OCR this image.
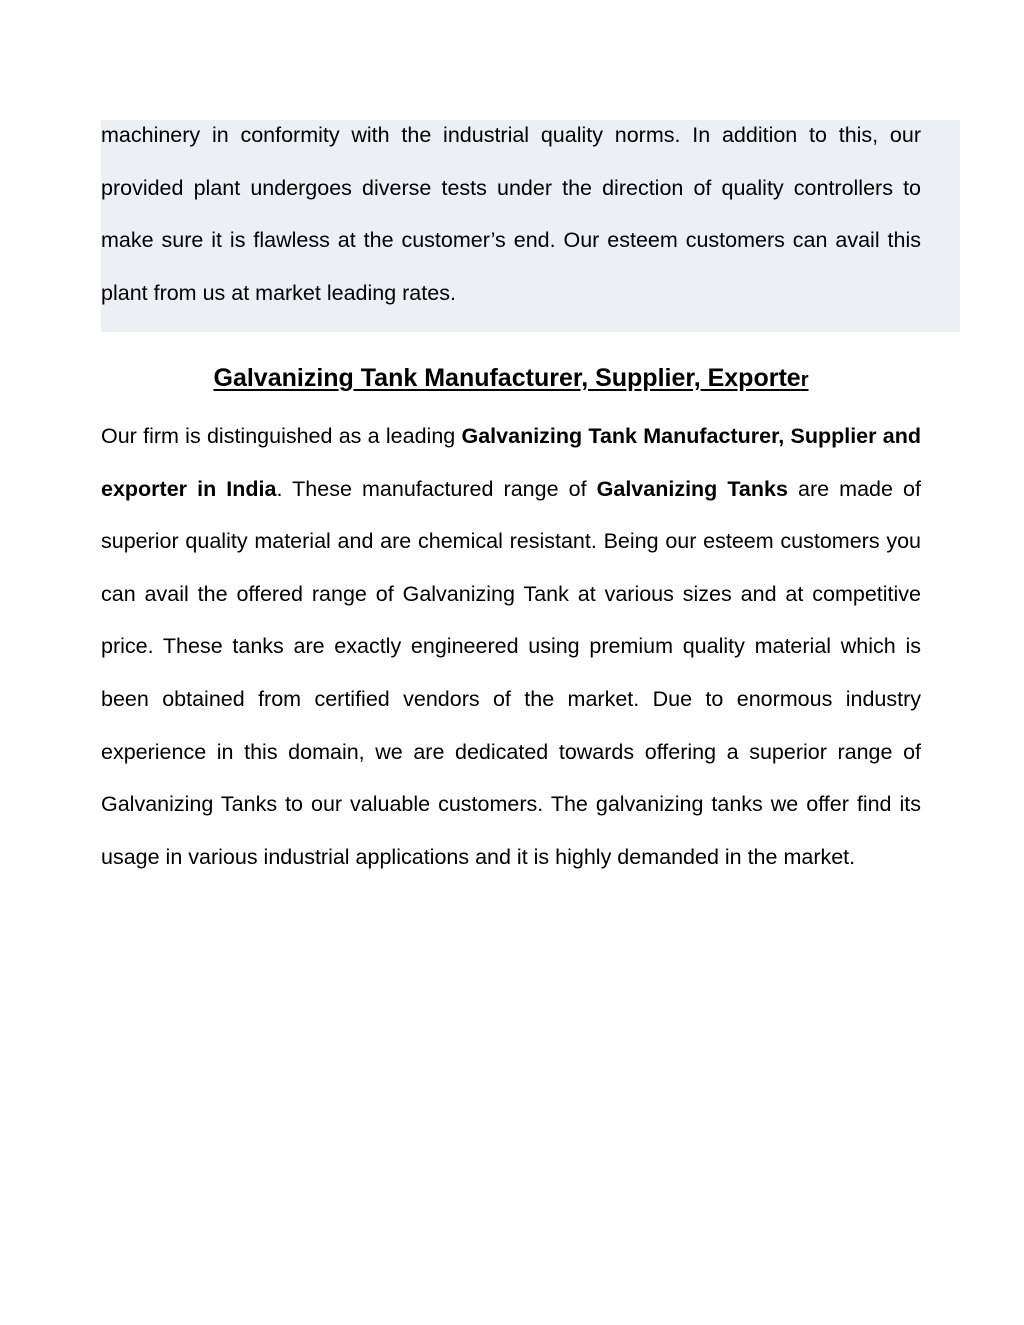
machinery in conformity with the industrial quality norms. In addition to this, our provided plant undergoes diverse tests under the direction of quality controllers to make sure it is flawless at the customer’s end. Our esteem customers can avail this plant from us at market leading rates.

Galvanizing Tank Manufacturer, Supplier, Exporter

Our firm is distinguished as a leading Galvanizing Tank Manufacturer, Supplier and exporter in India. These manufactured range of Galvanizing Tanks are made of superior quality material and are chemical resistant. Being our esteem customers you can avail the offered range of Galvanizing Tank at various sizes and at competitive price. These tanks are exactly engineered using premium quality material which is been obtained from certified vendors of the market. Due to enormous industry experience in this domain, we are dedicated towards offering a superior range of Galvanizing Tanks to our valuable customers. The galvanizing tanks we offer find its usage in various industrial applications and it is highly demanded in the market.
